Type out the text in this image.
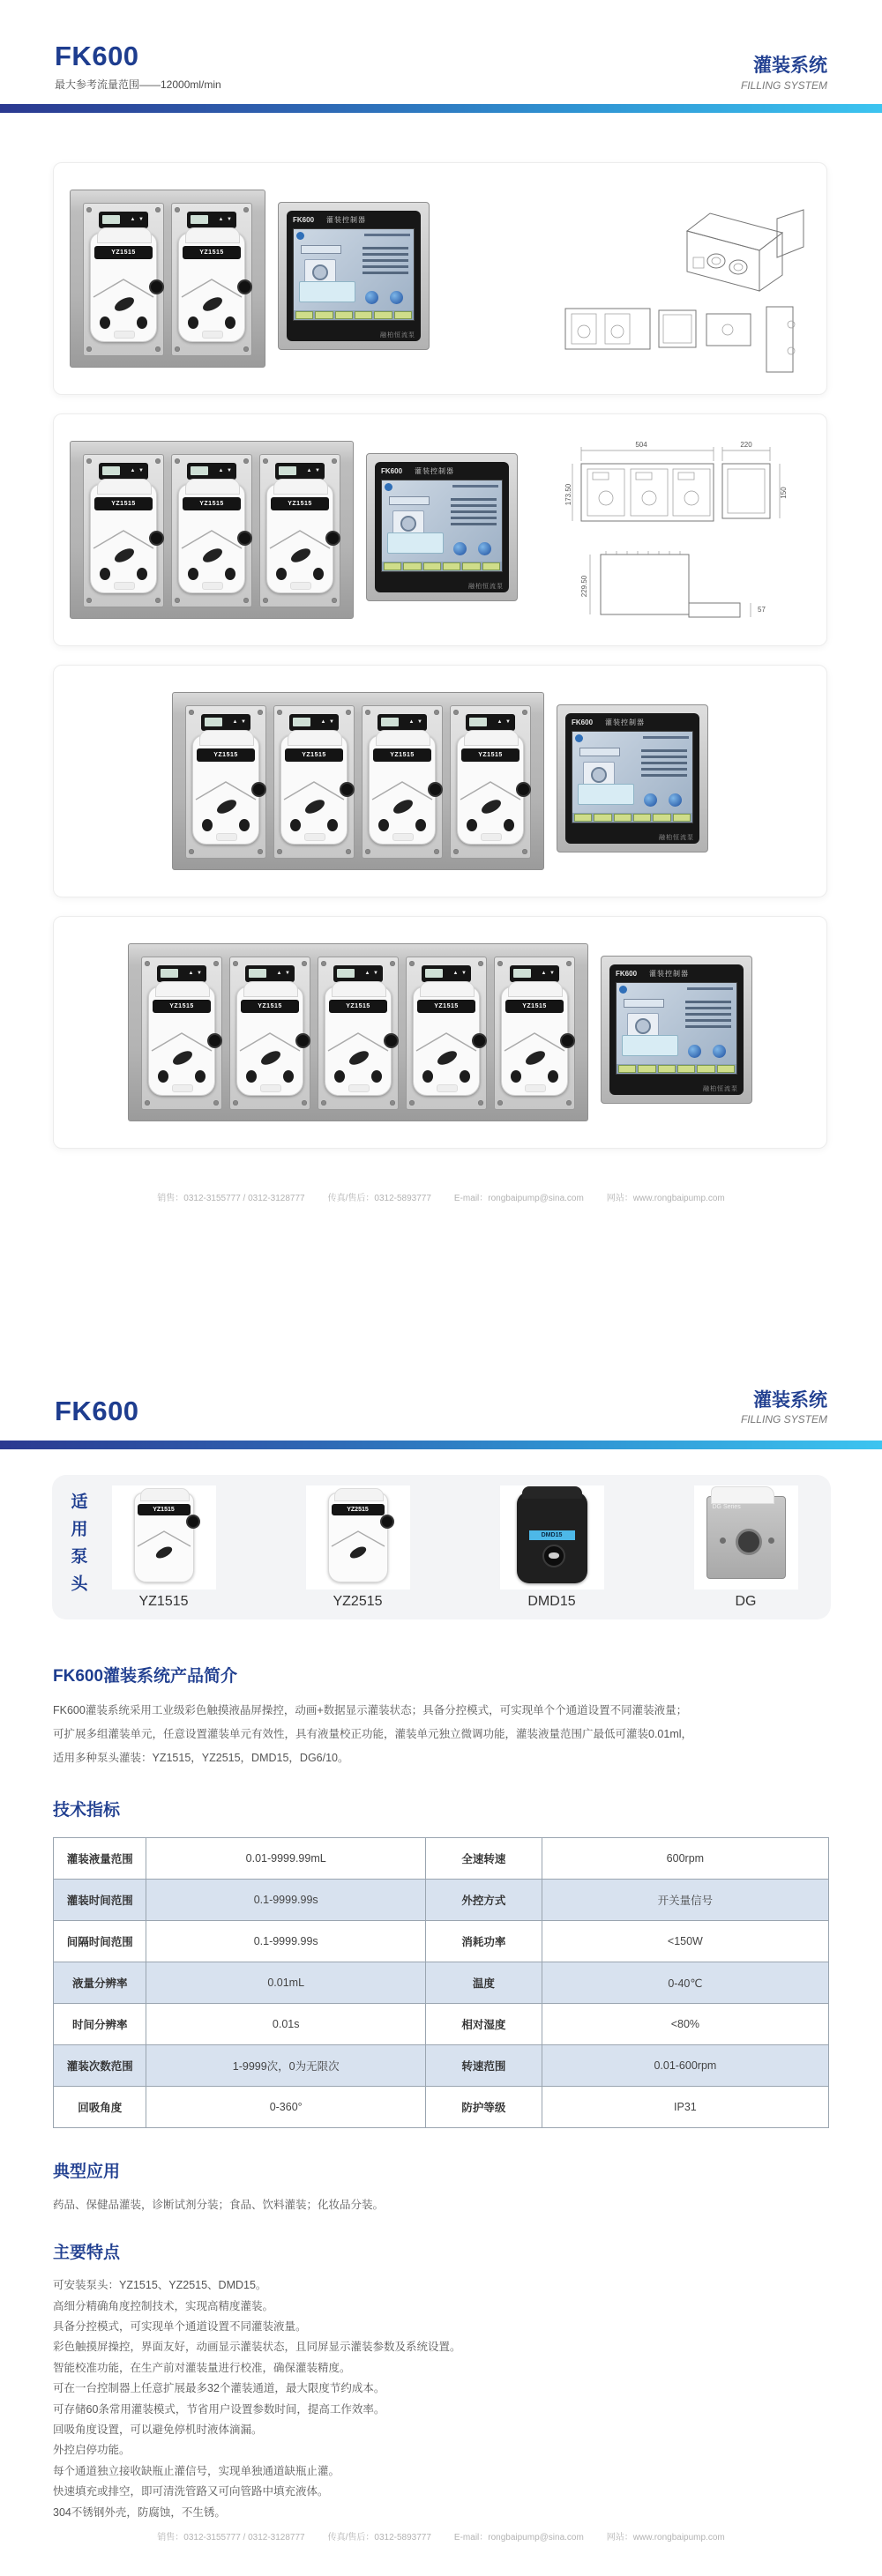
FK600

最大参考流量范围——12000ml/min

灌装系统
FILLING SYSTEM
▲ ▼
YZ1515
▲ ▼	YZ1515
FK600 灌装控制器
融柏恒流泵
▲ ▼
YZ1515
▲ ▼	YZ1515
▲ ▼	YZ1515
FK600 灌装控制器
融柏恒流泵
504	220
173.50	150
229.50
57
▲ ▼
YZ1515
▲ ▼	YZ1515
▲ ▼	YZ1515
▲ ▼	YZ1515
FK600 灌装控制器
融柏恒流泵
▲ ▼
YZ1515
▲ ▼	YZ1515
▲ ▼	YZ1515
▲ ▼	YZ1515
▲ ▼	YZ1515
FK600 灌装控制器
融柏恒流泵
销售：0312-3155777 / 0312-3128777	传真/售后：0312-5893777	E-mail：rongbaipump@sina.com	网站：www.rongbaipump.com
FK600	灌装系统
FILLING SYSTEM
适用泵头	YZ1515
YZ1515
YZ2515
YZ2515
DMD15
DMD15
DG Series
DG
FK600灌装系统产品简介

FK600灌装系统采用工业级彩色触摸液晶屏操控，动画+数据显示灌装状态；具备分控模式，可实现单个个通道设置不同灌装液量；

可扩展多组灌装单元，任意设置灌装单元有效性，具有液量校正功能，灌装单元独立微调功能，灌装液量范围广最低可灌装0.01ml，

适用多种泵头灌装：YZ1515，YZ2515，DMD15，DG6/10。

技术指标
灌装液量范围	0.01-9999.99mL	全速转速	600rpm
灌装时间范围	0.1-9999.99s	外控方式	开关量信号
间隔时间范围	0.1-9999.99s	消耗功率	<150W
液量分辨率	0.01mL	温度	0-40℃
时间分辨率	0.01s	相对湿度	<80%
灌装次数范围	1-9999次，0为无限次	转速范围	0.01-600rpm
回吸角度	0-360°	防护等级	IP31
典型应用

药品、保健品灌装，诊断试剂分装；食品、饮料灌装；化妆品分装。

主要特点
可安装泵头：YZ1515、YZ2515、DMD15。
高细分精确角度控制技术，实现高精度灌装。
具备分控模式，可实现单个通道设置不同灌装液量。
彩色触摸屏操控，界面友好，动画显示灌装状态，且同屏显示灌装参数及系统设置。
智能校准功能，在生产前对灌装量进行校准，确保灌装精度。
可在一台控制器上任意扩展最多32个灌装通道，最大限度节约成本。
可存储60条常用灌装模式，节省用户设置参数时间，提高工作效率。
回吸角度设置，可以避免停机时液体滴漏。
外控启停功能。
每个通道独立接收缺瓶止灌信号，实现单独通道缺瓶止灌。
快速填充或排空，即可清洗管路又可向管路中填充液体。
304不锈钢外壳，防腐蚀，不生锈。
销售：0312-3155777 / 0312-3128777	传真/售后：0312-5893777	E-mail：rongbaipump@sina.com	网站：www.rongbaipump.com
